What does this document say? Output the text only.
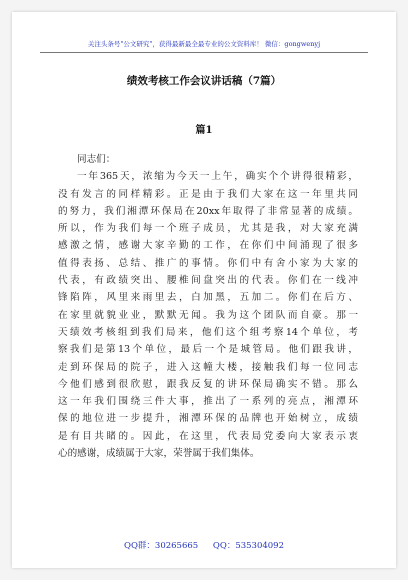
关注头条号"公文研究"，获得最新最全最专业的公文资料库！ 微信：gongwenyj
绩效考核工作会议讲话稿（7篇）
篇1
同志们：
一年365天，浓缩为今天一上午，确实个个讲得很精彩，
没有发言的同样精彩。正是由于我们大家在这一年里共同
的努力，我们湘潭环保局在20xx年取得了非常显著的成绩。
所以，作为我们每一个班子成员，尤其是我，对大家充满
感激之情，感谢大家辛勤的工作，在你们中间涌现了很多
值得表扬、总结、推广的事情。你们中有舍小家为大家的
代表，有政绩突出、腰椎间盘突出的代表。你们在一线冲
锋陷阵，风里来雨里去，白加黑，五加二。你们在后方、
在家里就貌业业，默默无闻。我为这个团队而自豪。那一
天绩效考核组到我们局来，他们这个组考察14个单位，考
察我们是第13个单位，最后一个是城管局。他们跟我讲，
走到环保局的院子，进入这幢大楼，接触我们每一位同志
今他们感到很欣慰，跟我反复的讲环保局确实不错。那么
这一年我们围绕三件大事，推出了一系列的亮点，湘潭环
保的地位进一步提升，湘潭环保的品牌也开始树立，成绩
是有目共睹的。因此，在这里，代表局党委向大家表示衷
心的感谢，成绩属于大家，荣誉属于我们集体。
QQ群：30265665 QQ：535304092
